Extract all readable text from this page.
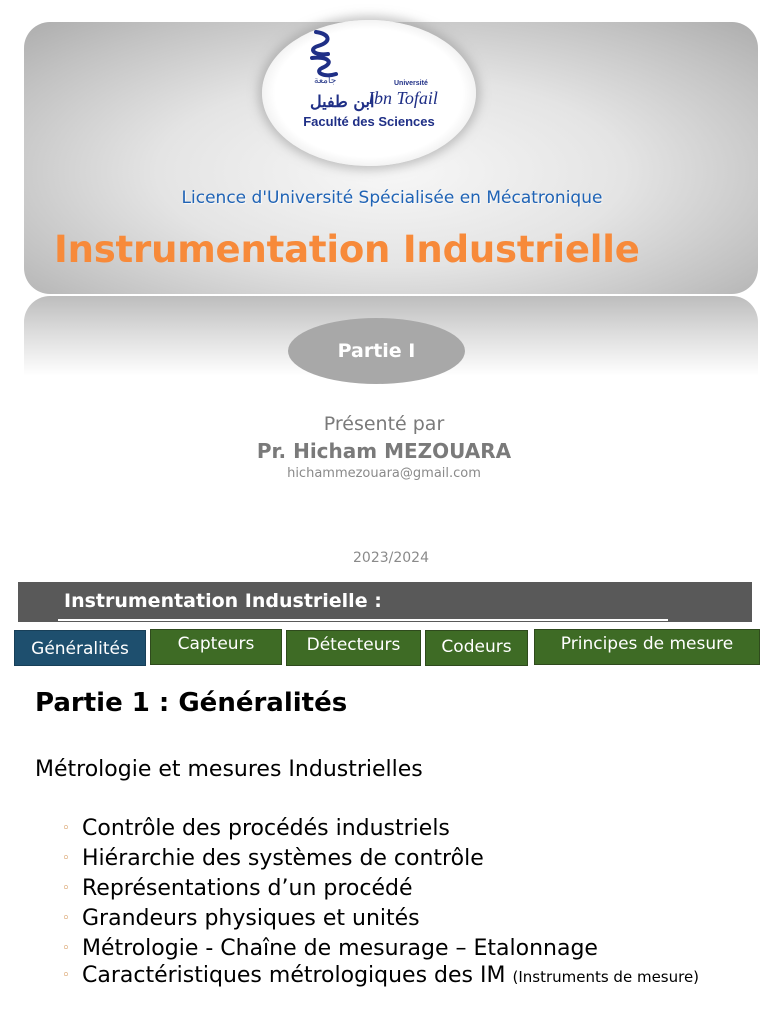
جامعة
ابن طفيل
Université
Ibn Tofail
Faculté des Sciences
Licence d'Université Spécialisée en Mécatronique
Instrumentation Industrielle
Partie I
Présenté par
Pr. Hicham MEZOUARA
hichammezouara@gmail.com
2023/2024
Instrumentation Industrielle :
Généralités	Capteurs	Détecteurs Codeurs	Principes de mesure
Partie 1 : Généralités
Métrologie et mesures Industrielles
◦ Contrôle des procédés industriels
◦ Hiérarchie des systèmes de contrôle
◦ Représentations d’un procédé
◦ Grandeurs physiques et unités
◦ Métrologie - Chaîne de mesurage – Etalonnage
◦ Caractéristiques métrologiques des IM (Instruments de mesure)
